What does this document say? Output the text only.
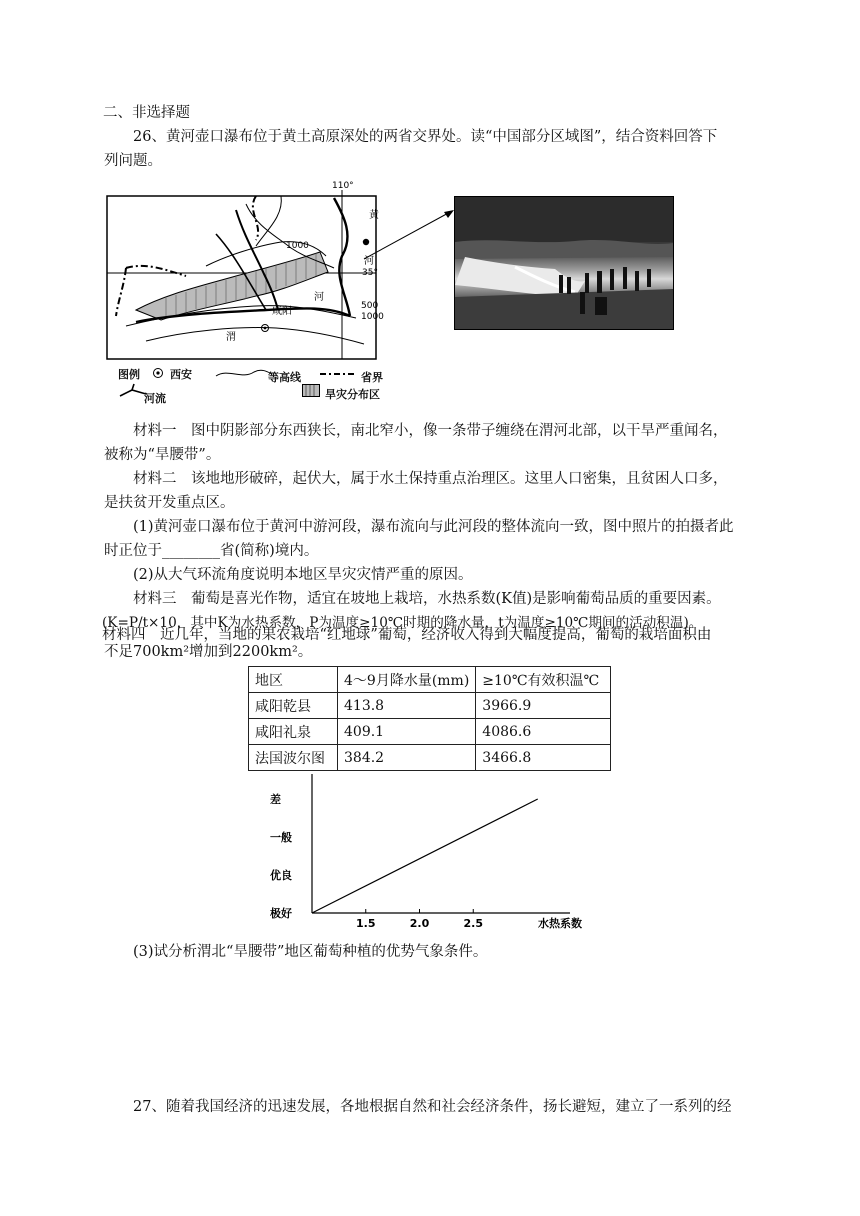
二、非选择题
26、黄河壶口瀑布位于黄土高原深处的两省交界处。读“中国部分区域图”，结合资料回答下
列问题。
110°
35°
1000
500
1000
黄
河
河
渭
咸阳
图例	西安	等高线	省界
河流	旱灾分布区
材料一　图中阴影部分东西狭长，南北窄小，像一条带子缠绕在渭河北部，以干旱严重闻名，
被称为“旱腰带”。
材料二　该地地形破碎，起伏大，属于水土保持重点治理区。这里人口密集，且贫困人口多，
是扶贫开发重点区。
(1)黄河壶口瀑布位于黄河中游河段，瀑布流向与此河段的整体流向一致，图中照片的拍摄者此
时正位于________省(简称)境内。
(2)从大气环流角度说明本地区旱灾灾情严重的原因。
材料三　葡萄是喜光作物，适宜在坡地上栽培，水热系数(K值)是影响葡萄品质的重要因素。
(K=P/t×10，其中K为水热系数，P为温度≥10℃时期的降水量，t为温度≥10℃期间的活动积温)。
材料四　近几年，当地的果农栽培“红地球”葡萄，经济收入得到大幅度提高，葡萄的栽培面积由
不足700km²增加到2200km²。
地区	4～9月降水量(mm)	≥10℃有效积温℃
咸阳乾县	413.8	3966.9
咸阳礼泉	409.1	4086.6
法国波尔图	384.2	3466.8
1.5	2.0	2.5
极好
优良
一般
差
水热系数
(3)试分析渭北“旱腰带”地区葡萄种植的优势气象条件。
27、随着我国经济的迅速发展，各地根据自然和社会经济条件，扬长避短，建立了一系列的经
